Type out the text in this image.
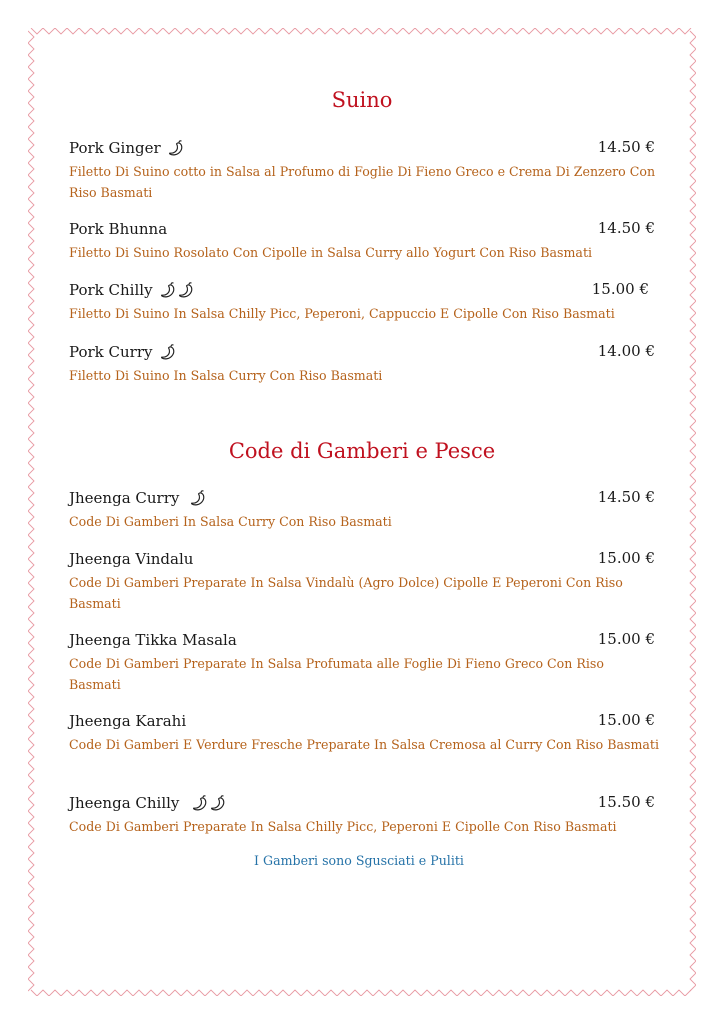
Suino
Pork Ginger	14.50 €
Filetto Di Suino cotto in Salsa al Profumo di Foglie Di Fieno Greco e Crema Di Zenzero Con Riso Basmati
Pork Bhunna	14.50 €
Filetto Di Suino Rosolato Con Cipolle in Salsa Curry allo Yogurt Con Riso Basmati
Pork Chilly	15.00 €
Filetto Di Suino In Salsa Chilly Picc, Peperoni, Cappuccio E Cipolle Con Riso Basmati
Pork Curry	14.00 €
Filetto Di Suino In Salsa Curry Con Riso Basmati
Code di Gamberi e Pesce
Jheenga Curry	14.50 €
Code Di Gamberi In Salsa Curry Con Riso Basmati
Jheenga Vindalu	15.00 €
Code Di Gamberi Preparate In Salsa Vindalù (Agro Dolce) Cipolle E Peperoni Con Riso Basmati
Jheenga Tikka Masala	15.00 €
Code Di Gamberi Preparate In Salsa Profumata alle Foglie Di Fieno Greco Con Riso Basmati
Jheenga Karahi	15.00 €
Code Di Gamberi E Verdure Fresche Preparate In Salsa Cremosa al Curry Con Riso Basmati
Jheenga Chilly	15.50 €
Code Di Gamberi Preparate In Salsa Chilly Picc, Peperoni E Cipolle Con Riso Basmati
I Gamberi sono Sgusciati e Puliti
